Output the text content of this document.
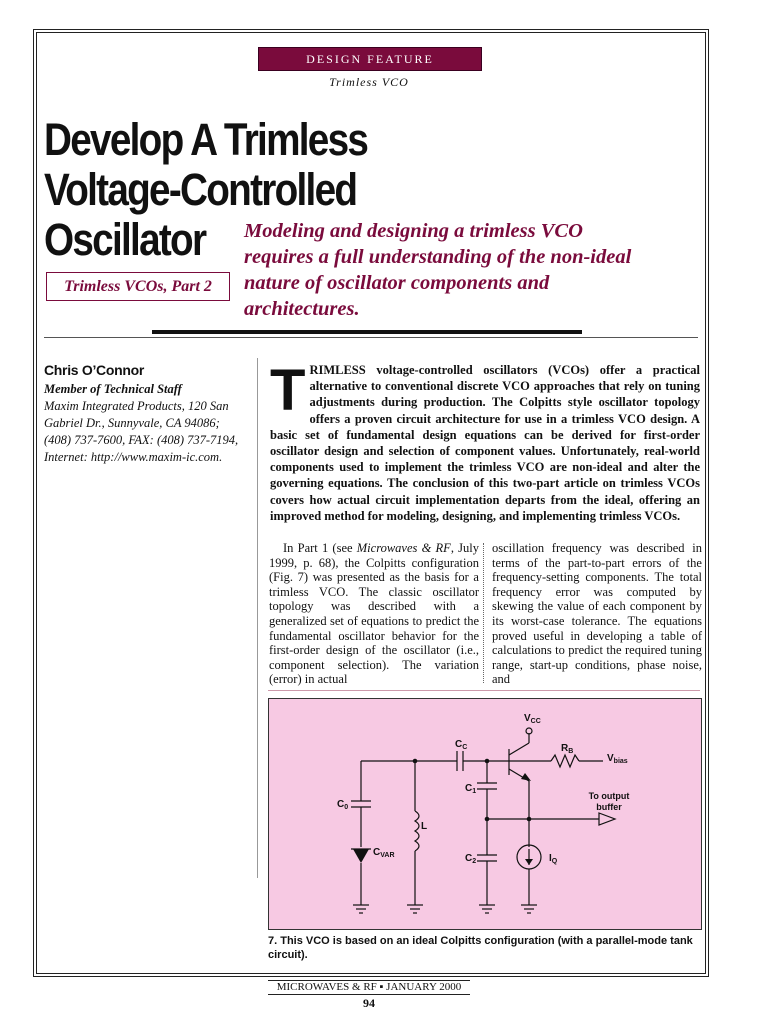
DESIGN FEATURE
Trimless VCO
Develop A Trimless
Voltage-Controlled
Oscillator
Trimless VCOs, Part 2
Modeling and designing a trimless VCO requires a full understanding of the non-ideal nature of oscillator components and architectures.
Chris O’Connor
Member of Technical Staff
Maxim Integrated Products, 120 San
Gabriel Dr., Sunnyvale, CA 94086;
(408) 737-7600, FAX: (408) 737-7194,
Internet: http://www.maxim-ic.com.
TRIMLESS voltage-controlled oscillators (VCOs) offer a practical alternative to conventional discrete VCO approaches that rely on tuning adjustments during production. The Colpitts style oscillator topology offers a proven circuit architecture for use in a trimless VCO design. A basic set of fundamental design equations can be derived for first-order oscillator design and selection of component values. Unfortunately, real-world components used to implement the trimless VCO are non-ideal and alter the governing equations. The conclusion of this two-part article on trimless VCOs covers how actual circuit implementation departs from the ideal, offering an improved method for modeling, designing, and implementing trimless VCOs.

In Part 1 (see Microwaves & RF, July 1999, p. 68), the Colpitts configuration (Fig. 7) was presented as the basis for a trimless VCO. The classic oscillator topology was described with a generalized set of equations to predict the fundamental oscillator behavior for the first-order design of the oscillator (i.e., component selection). The variation (error) in actual

oscillation frequency was described in terms of the part-to-part errors of the frequency-setting components. The total frequency error was computed by skewing the value of each component by its worst-case tolerance. The equations proved useful in developing a table of calculations to predict the required tuning range, start-up conditions, phase noise, and

$V_{CC}$
$C_C$	$R_B$
$V_{bias}$
$C_0$
$C_1$
L
$C_{VAR}$	$C_2$	$I_Q$
To output
buffer
7. This VCO is based on an ideal Colpitts configuration (with a parallel-mode tank circuit).
MICROWAVES & RF ▪ JANUARY 2000
94
